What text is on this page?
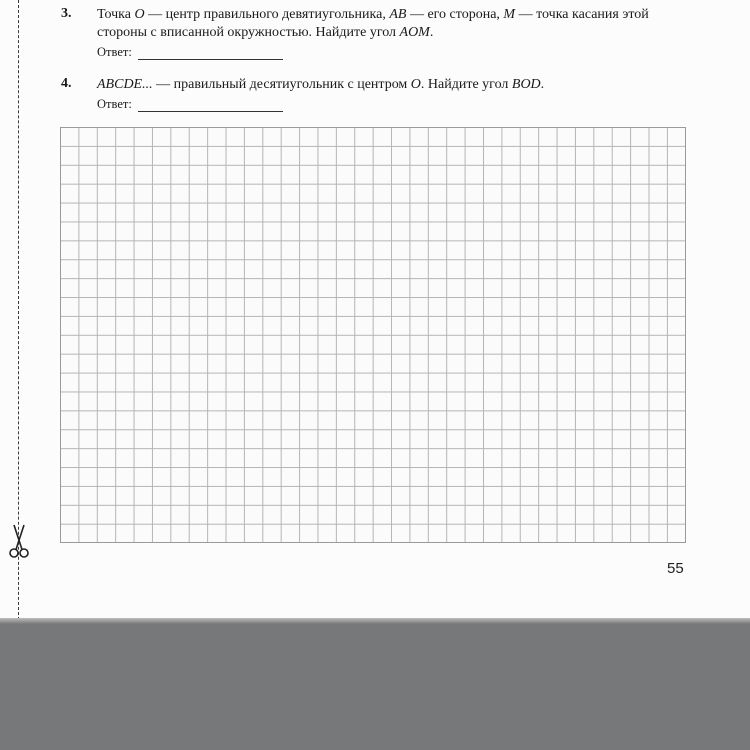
3. Точка O — центр правильного девятиугольника, AB — его сторона, M — точка касания этой стороны с вписанной окружностью. Найдите угол AOM.
Ответ:
4. ABCDE... — правильный десятиугольник с центром O. Найдите угол BOD.
Ответ:
55
